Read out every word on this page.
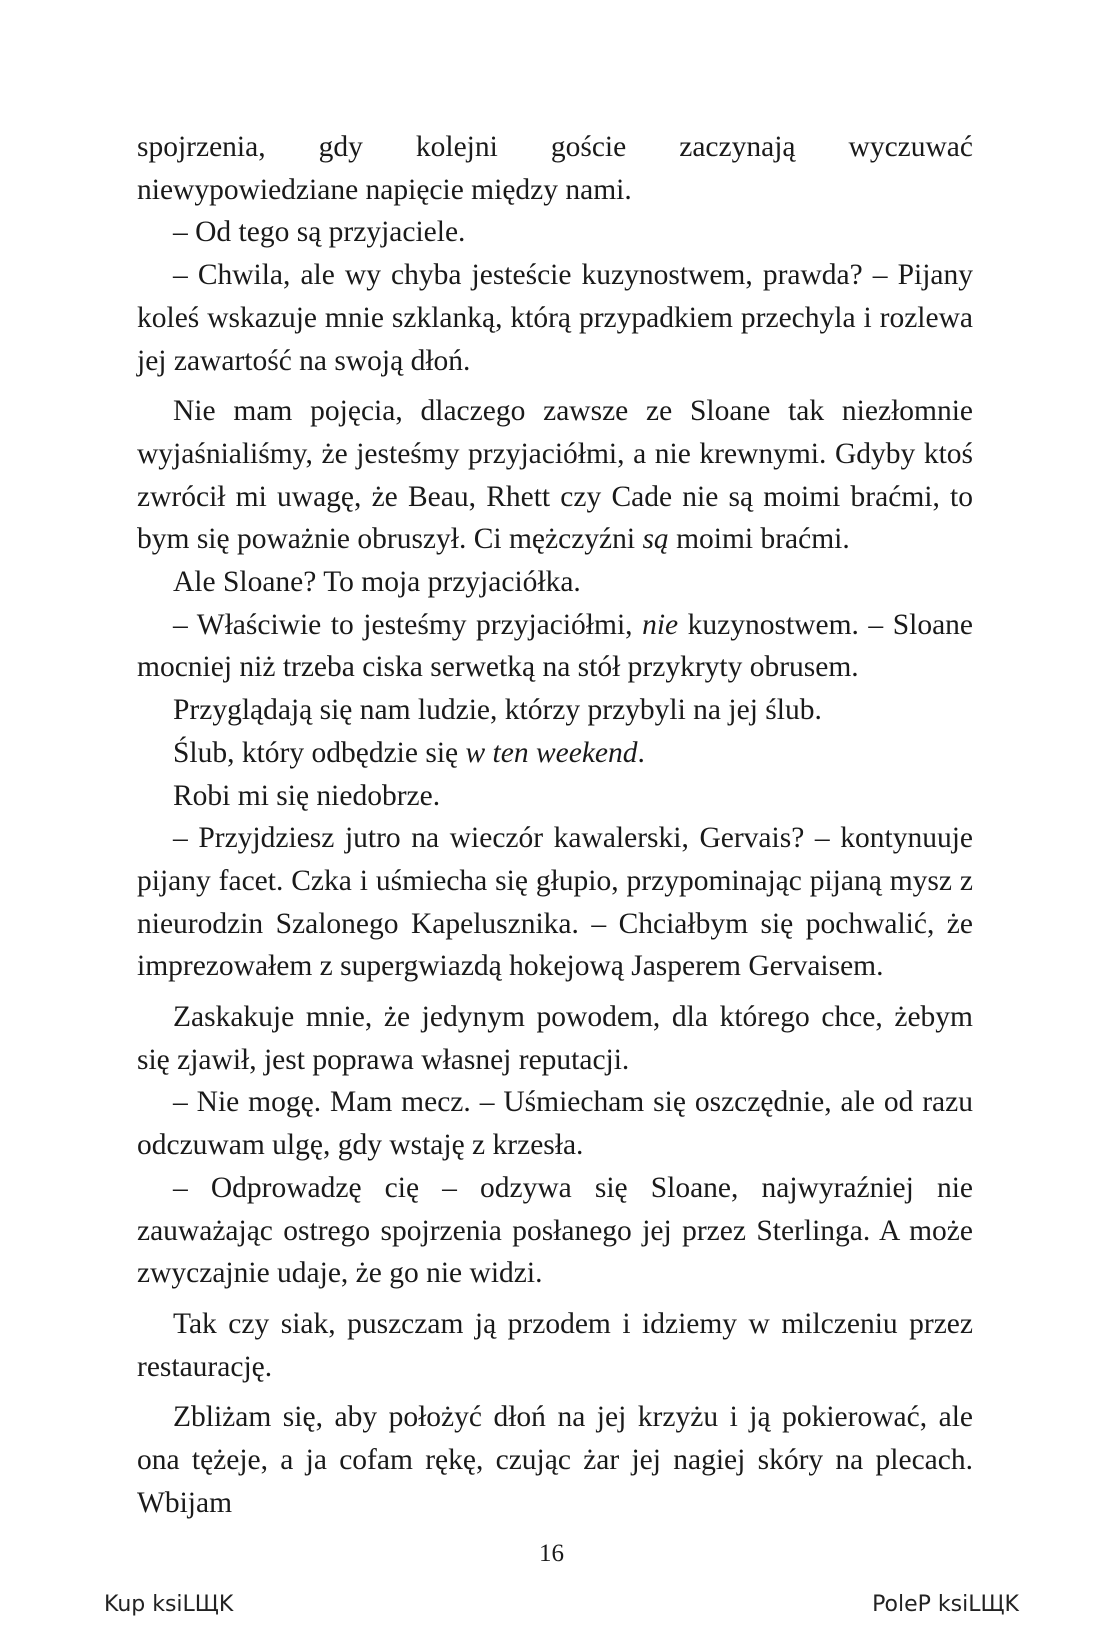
spojrzenia, gdy kolejni goście zaczynają wyczuwać niewypowiedziane napięcie między nami.

– Od tego są przyjaciele.

– Chwila, ale wy chyba jesteście kuzynostwem, prawda? – Pijany koleś wskazuje mnie szklanką, którą przypadkiem przechyla i rozlewa jej zawartość na swoją dłoń.

Nie mam pojęcia, dlaczego zawsze ze Sloane tak niezłomnie wyjaśnialiśmy, że jesteśmy przyjaciółmi, a nie krewnymi. Gdyby ktoś zwrócił mi uwagę, że Beau, Rhett czy Cade nie są moimi braćmi, to bym się poważnie obruszył. Ci mężczyźni są moimi braćmi.

Ale Sloane? To moja przyjaciółka.

– Właściwie to jesteśmy przyjaciółmi, nie kuzynostwem. – Sloane mocniej niż trzeba ciska serwetką na stół przykryty obrusem.

Przyglądają się nam ludzie, którzy przybyli na jej ślub.

Ślub, który odbędzie się w ten weekend.

Robi mi się niedobrze.

– Przyjdziesz jutro na wieczór kawalerski, Gervais? – kontynuuje pijany facet. Czka i uśmiecha się głupio, przypominając pijaną mysz z nieurodzin Szalonego Kapelusznika. – Chciałbym się pochwalić, że imprezowałem z supergwiazdą hokejową Jasperem Gervaisem.

Zaskakuje mnie, że jedynym powodem, dla którego chce, żebym się zjawił, jest poprawa własnej reputacji.

– Nie mogę. Mam mecz. – Uśmiecham się oszczędnie, ale od razu odczuwam ulgę, gdy wstaję z krzesła.

– Odprowadzę cię – odzywa się Sloane, najwyraźniej nie zauważając ostrego spojrzenia posłanego jej przez Sterlinga. A może zwyczajnie udaje, że go nie widzi.

Tak czy siak, puszczam ją przodem i idziemy w milczeniu przez restaurację.

Zbliżam się, aby położyć dłoń na jej krzyżu i ją pokierować, ale ona tężeje, a ja cofam rękę, czując żar jej nagiej skóry na plecach. Wbijam

16
Kup ksiLЩK	PoleP ksiLЩK
